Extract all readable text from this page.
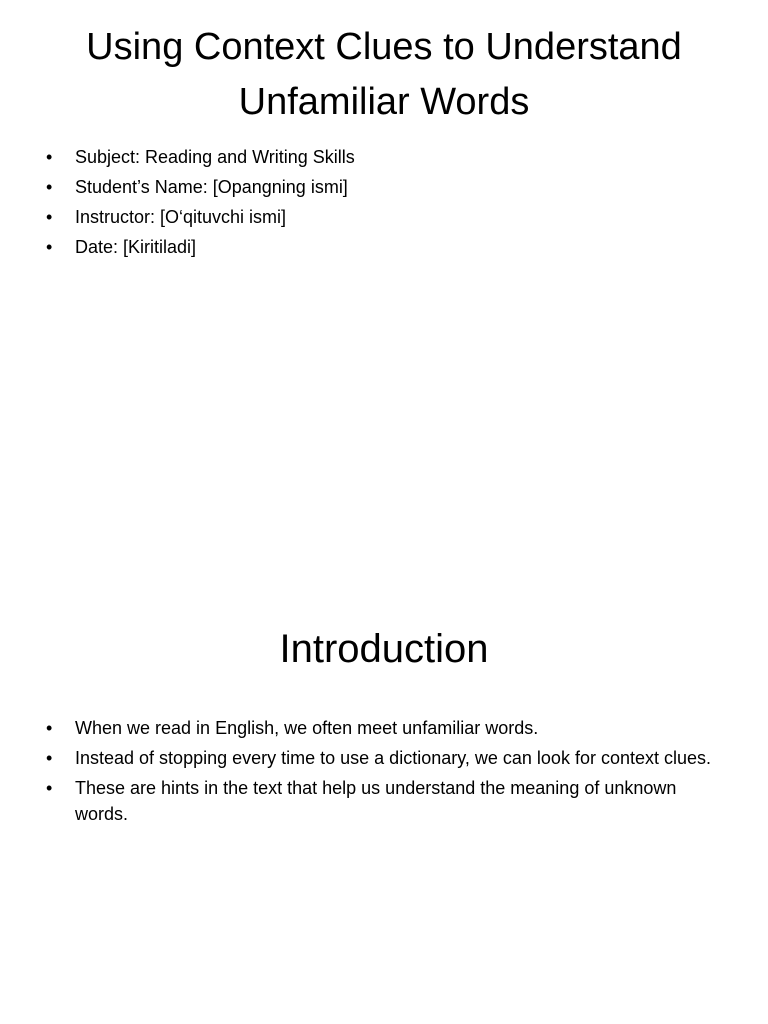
Using Context Clues to Understand Unfamiliar Words
• Subject: Reading and Writing Skills
• Student’s Name: [Opangning ismi]
• Instructor: [O‘qituvchi ismi]
• Date: [Kiritiladi]
Introduction
• When we read in English, we often meet unfamiliar words.
• Instead of stopping every time to use a dictionary, we can look for context clues.
• These are hints in the text that help us understand the meaning of unknown words.
